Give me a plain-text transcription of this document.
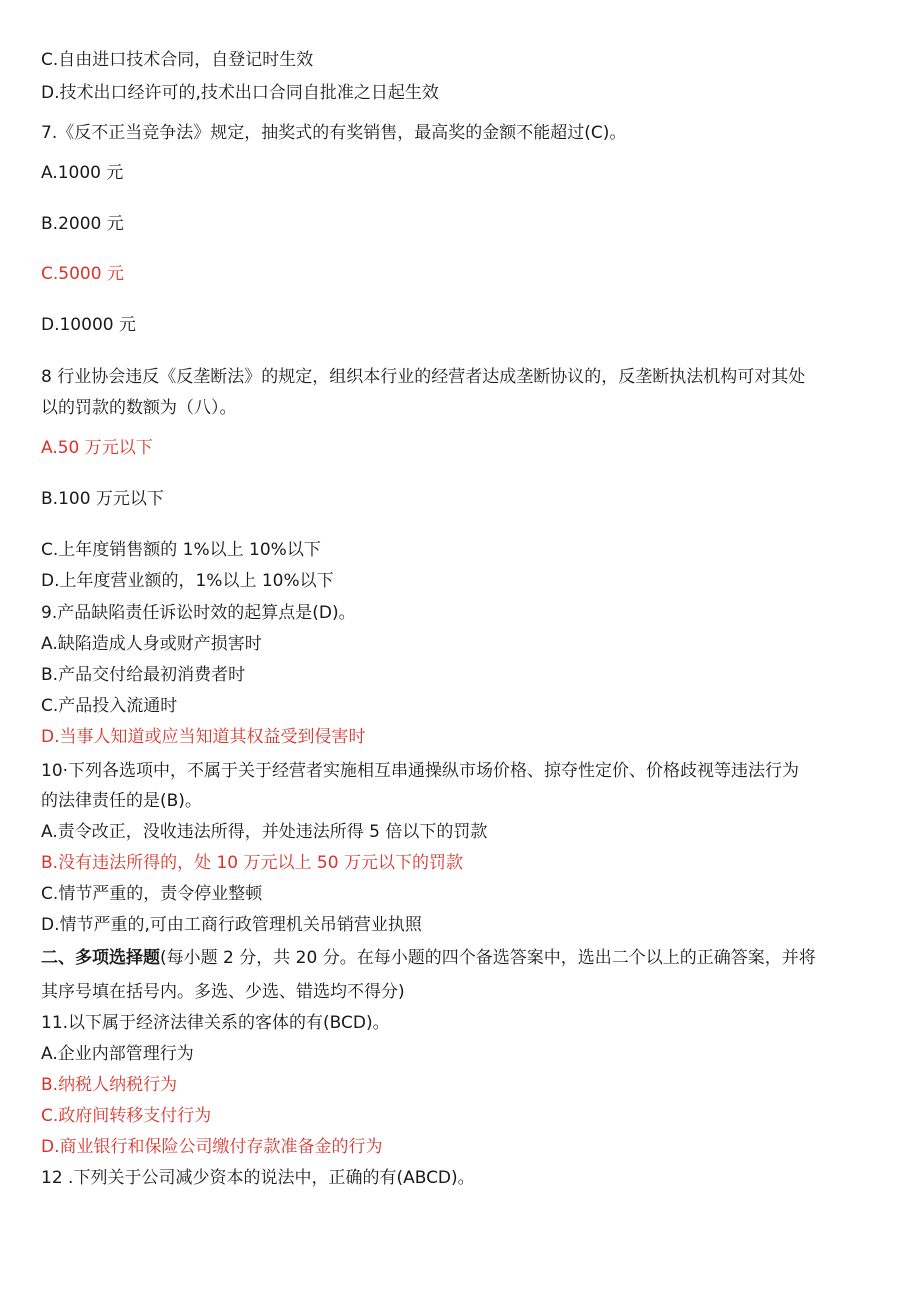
C.自由进口技术合同，自登记时生效
D.技术出口经许可的,技术出口合同自批准之日起生效
7.《反不正当竞争法》规定，抽奖式的有奖销售，最高奖的金额不能超过(C)。
A.1000 元
B.2000 元
C.5000 元
D.10000 元
8 行业协会违反《反垄断法》的规定，组织本行业的经营者达成垄断协议的，反垄断执法机构可对其处
以的罚款的数额为（八）。
A.50 万元以下
B.100 万元以下
C.上年度销售额的 1%以上 10%以下
D.上年度营业额的，1%以上 10%以下
9.产品缺陷责任诉讼时效的起算点是(D)。
A.缺陷造成人身或财产损害时
B.产品交付给最初消费者时
C.产品投入流通时
D.当事人知道或应当知道其权益受到侵害时
10·下列各选项中，不属于关于经营者实施相互串通操纵市场价格、掠夺性定价、价格歧视等违法行为
的法律责任的是(B)。
A.责令改正，没收违法所得，并处违法所得 5 倍以下的罚款
B.没有违法所得的，处 10 万元以上 50 万元以下的罚款
C.情节严重的，责令停业整顿
D.情节严重的,可由工商行政管理机关吊销营业执照
二、多项选择题(每小题 2 分，共 20 分。在每小题的四个备选答案中，选出二个以上的正确答案，并将
其序号填在括号内。多选、少选、错选均不得分)
11.以下属于经济法律关系的客体的有(BCD)。
A.企业内部管理行为
B.纳税人纳税行为
C.政府间转移支付行为
D.商业银行和保险公司缴付存款准备金的行为
12 .下列关于公司减少资本的说法中，正确的有(ABCD)。
